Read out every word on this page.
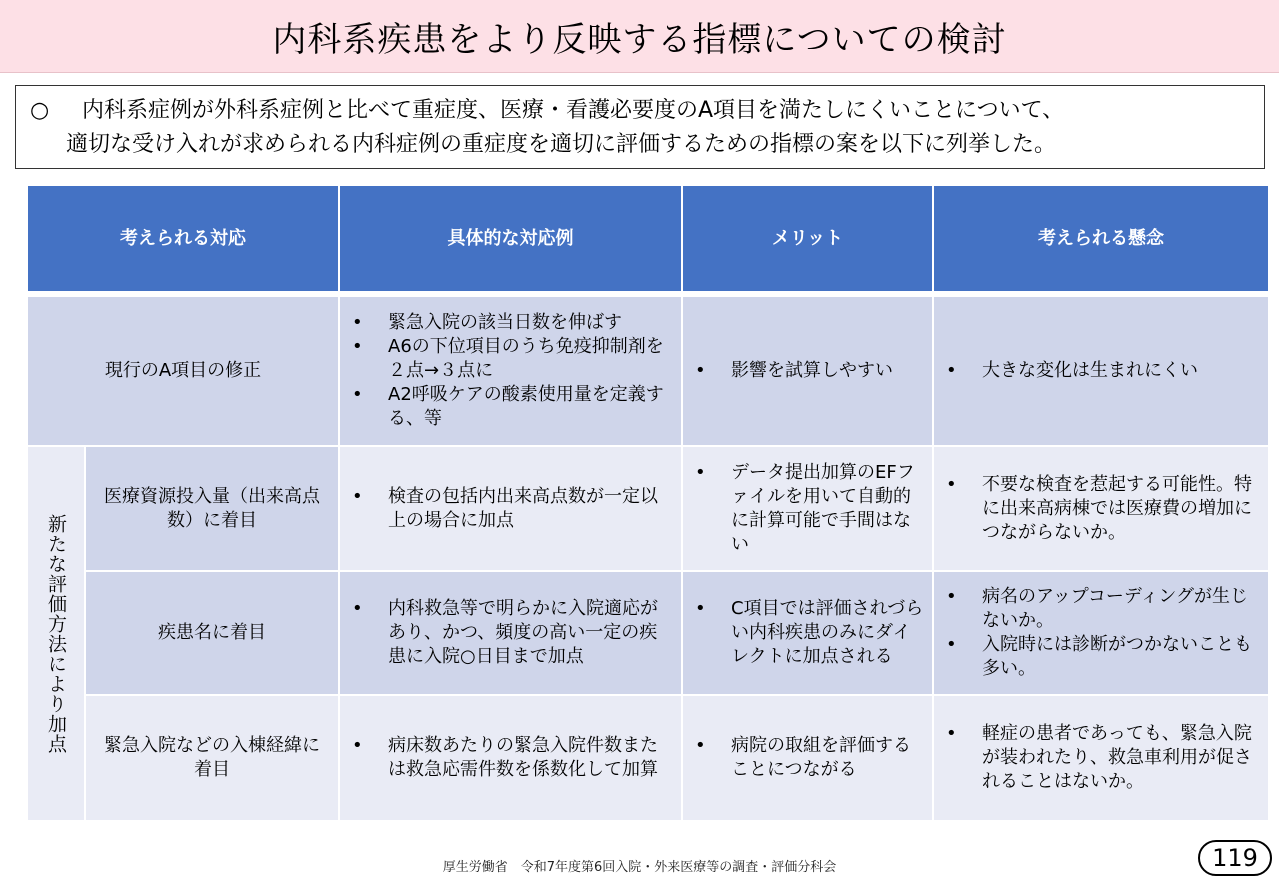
内科系疾患をより反映する指標についての検討
○ 内科系症例が外科系症例と比べて重症度、医療・看護必要度のA項目を満たしにくいことについて、
適切な受け入れが求められる内科症例の重症度を適切に評価するための指標の案を以下に列挙した。
考えられる対応	具体的な対応例	メリット	考えられる懸念
現行のA項目の修正
• 緊急入院の該当日数を伸ばす
• A6の下位項目のうち免疫抑制剤を２点→３点に
• A2呼吸ケアの酸素使用量を定義する、等
• 影響を試算しやすい
•	大きな変化は生まれにくい
新たな評価方法により加点
医療資源投入量（出来高点数）に着目
• 検査の包括内出来高点数が一定以上の場合に加点
• データ提出加算のEFファイルを用いて自動的に計算可能で手間はない
• 不要な検査を惹起する可能性。特に出来高病棟では医療費の増加につながらないか。
疾患名に着目
• 内科救急等で明らかに入院適応があり、かつ、頻度の高い一定の疾患に入院○日目まで加点
• C項目では評価されづらい内科疾患のみにダイレクトに加点される
• 病名のアップコーディングが生じないか。
• 入院時には診断がつかないことも多い。
緊急入院などの入棟経緯に着目
• 病床数あたりの緊急入院件数または救急応需件数を係数化して加算
• 病院の取組を評価することにつながる
• 軽症の患者であっても、緊急入院が装われたり、救急車利用が促されることはないか。
厚生労働省　令和7年度第6回入院・外来医療等の調査・評価分科会	119
